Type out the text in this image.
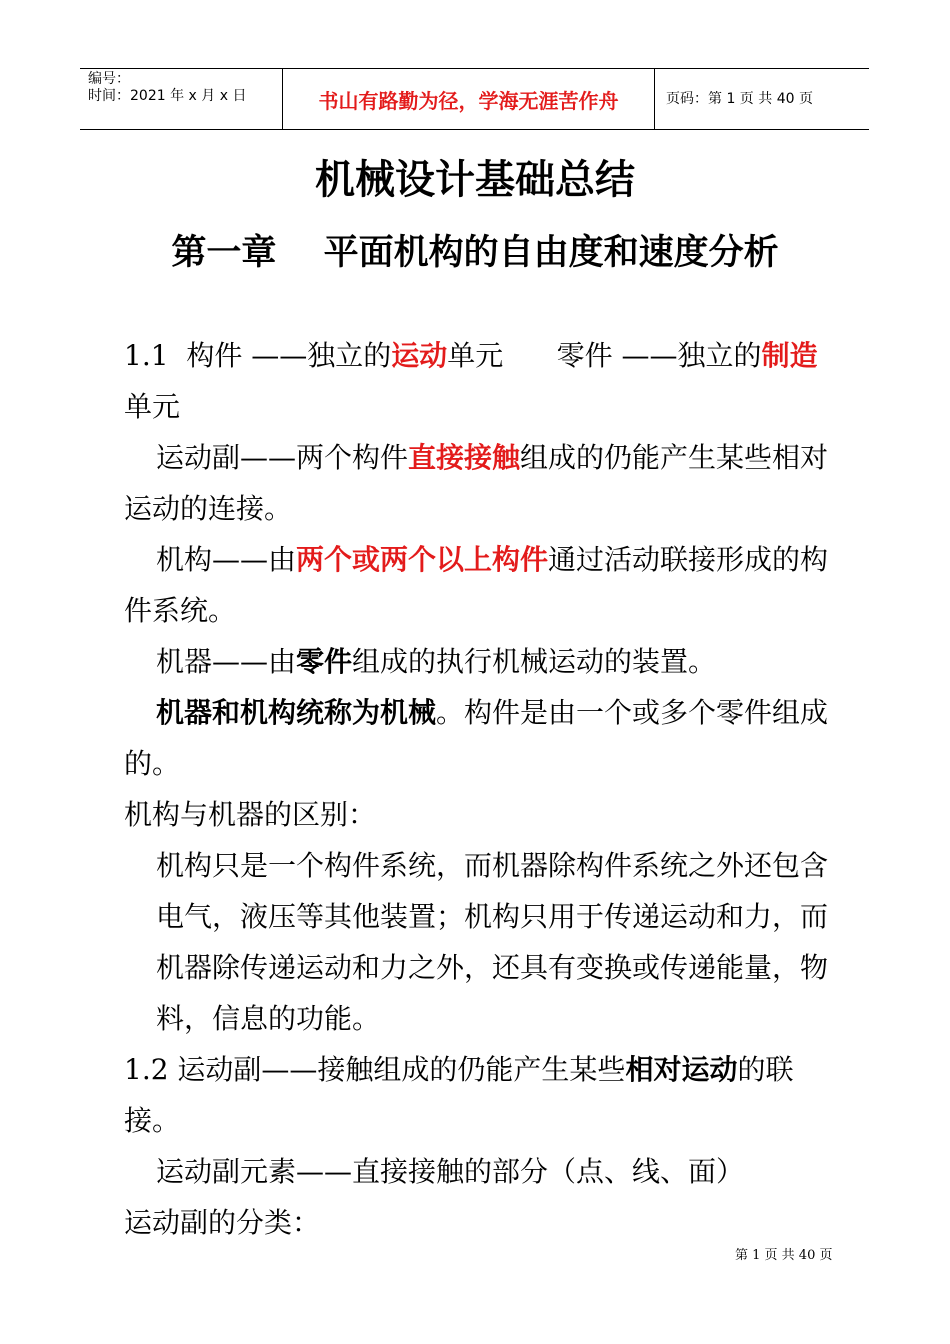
编号：
时间：2021 年 x 月 x 日	书山有路勤为径，学海无涯苦作舟	页码：第 1 页 共 40 页
机械设计基础总结
第一章　 平面机构的自由度和速度分析

1.1  构件 ——独立的运动单元      零件 ——独立的制造单元

运动副——两个构件直接接触组成的仍能产生某些相对运动的连接。

机构——由两个或两个以上构件通过活动联接形成的构件系统。

机器——由零件组成的执行机械运动的装置。

机器和机构统称为机械。构件是由一个或多个零件组成的。

机构与机器的区别：

机构只是一个构件系统，而机器除构件系统之外还包含电气，液压等其他装置；机构只用于传递运动和力，而机器除传递运动和力之外，还具有变换或传递能量，物料，信息的功能。

1.2 运动副——接触组成的仍能产生某些相对运动的联接。

运动副元素——直接接触的部分（点、线、面）

运动副的分类：

第 1 页 共 40 页
